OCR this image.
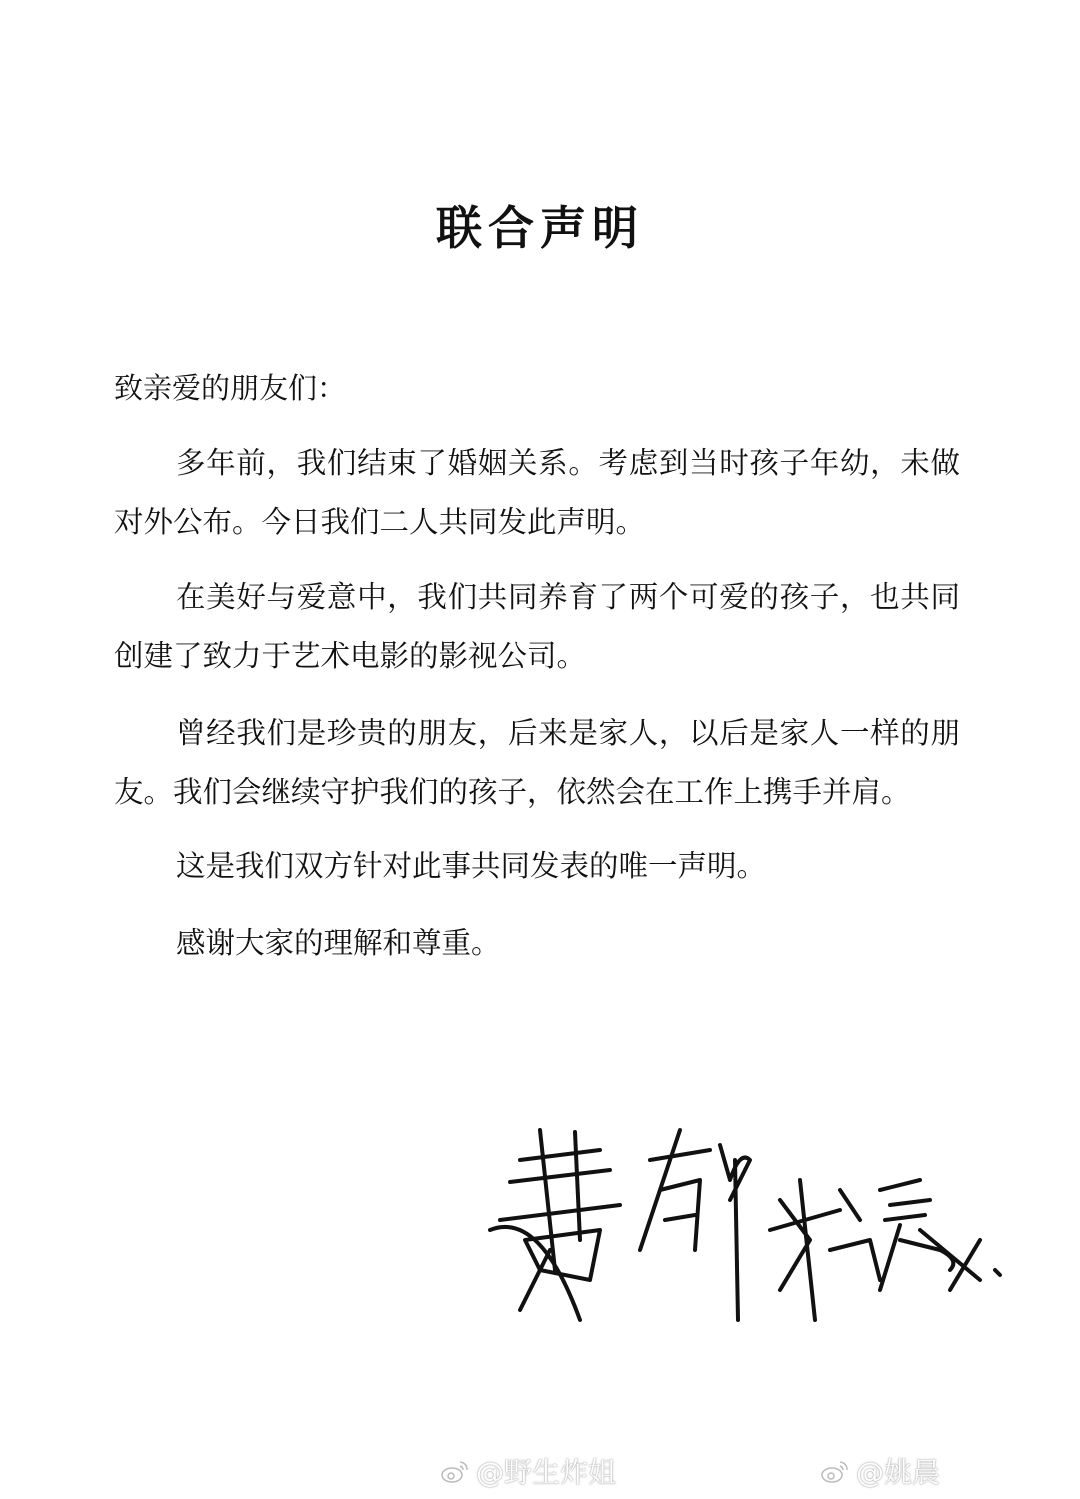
联合声明
致亲爱的朋友们：
多年前，我们结束了婚姻关系。考虑到当时孩子年幼，未做对外公布。今日我们二人共同发此声明。
在美好与爱意中，我们共同养育了两个可爱的孩子，也共同创建了致力于艺术电影的影视公司。
曾经我们是珍贵的朋友，后来是家人，以后是家人一样的朋友。我们会继续守护我们的孩子，依然会在工作上携手并肩。
这是我们双方针对此事共同发表的唯一声明。
感谢大家的理解和尊重。
@野生炸姐	@姚晨
